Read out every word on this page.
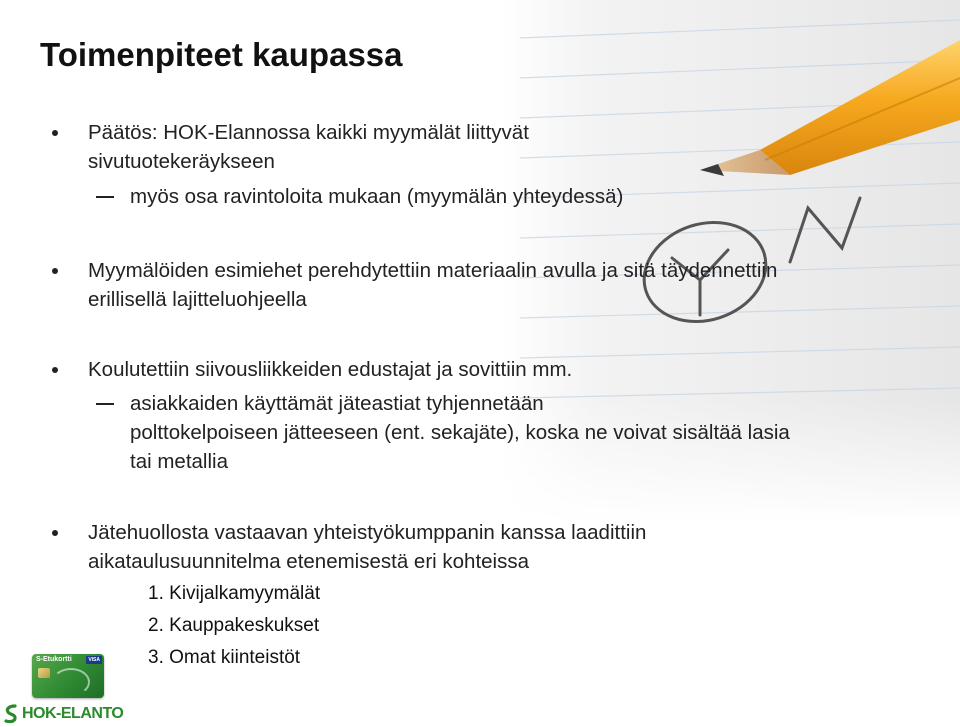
Toimenpiteet kaupassa
Päätös: HOK-Elannossa kaikki myymälät liittyvät
sivutuotekeräykseen
myös osa ravintoloita mukaan (myymälän yhteydessä)
Myymälöiden esimiehet perehdytettiin materiaalin avulla ja sitä täydennettiin
erillisellä lajitteluohjeella
Koulutettiin siivousliikkeiden edustajat ja sovittiin mm.
asiakkaiden käyttämät jäteastiat tyhjennetään
polttokelpoiseen jätteeseen (ent. sekajäte), koska ne voivat sisältää lasia
tai metallia
Jätehuollosta vastaavan yhteistyökumppanin kanssa laadittiin
aikataulusuunnitelma etenemisestä eri kohteissa
1. Kivijalkamyymälät
2. Kauppakeskukset
3. Omat kiinteistöt
S-Etukortti	VISA
HOK-ELANTO
